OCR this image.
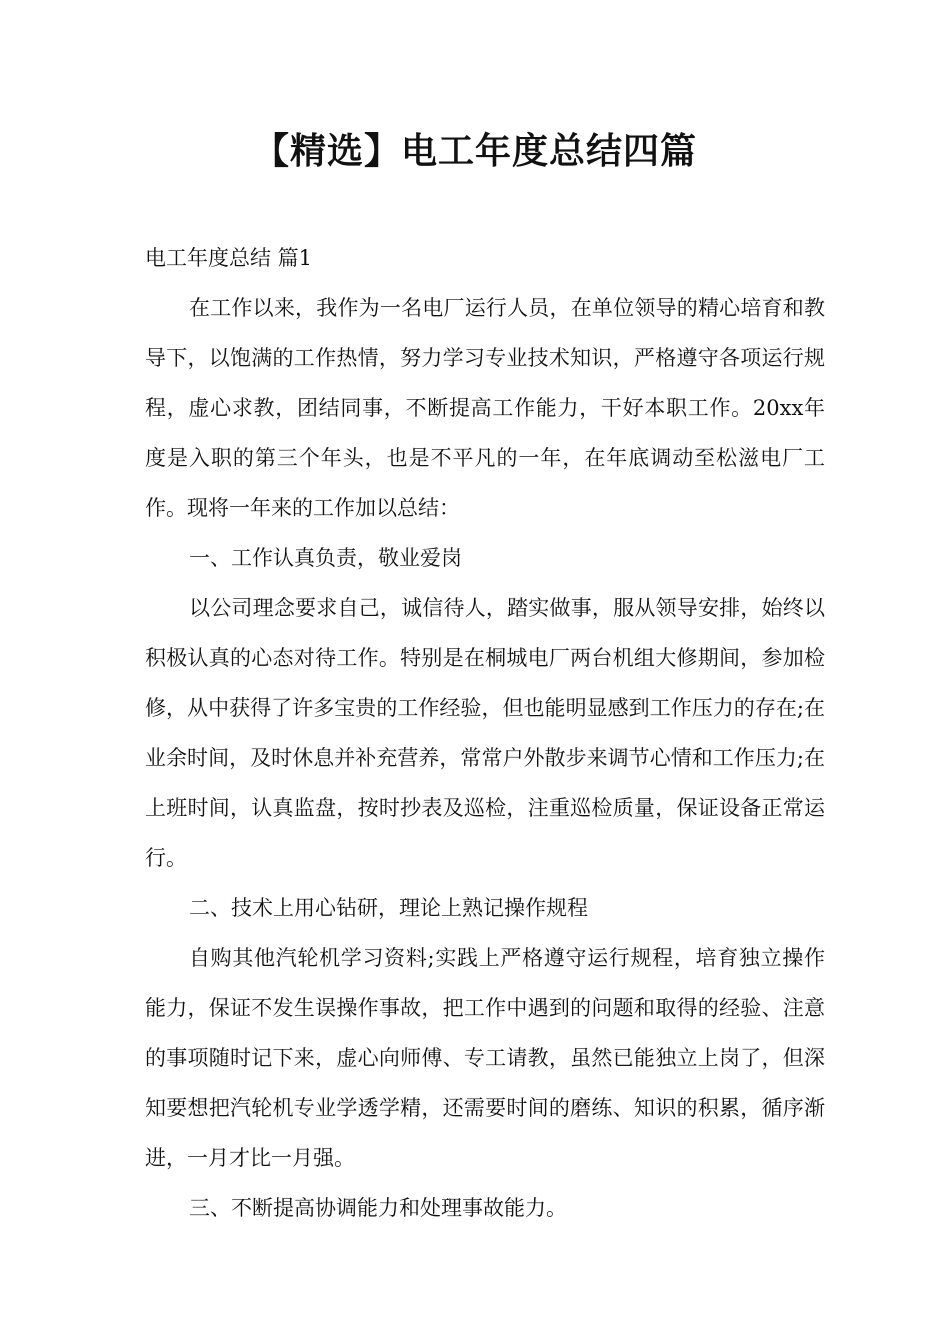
【精选】电工年度总结四篇

电工年度总结 篇1

在工作以来，我作为一名电厂运行人员，在单位领导的精心培育和教导下，以饱满的工作热情，努力学习专业技术知识，严格遵守各项运行规程，虚心求教，团结同事，不断提高工作能力，干好本职工作。20xx年度是入职的第三个年头，也是不平凡的一年，在年底调动至松滋电厂工作。现将一年来的工作加以总结：

一、工作认真负责，敬业爱岗

以公司理念要求自己，诚信待人，踏实做事，服从领导安排，始终以积极认真的心态对待工作。特别是在桐城电厂两台机组大修期间，参加检修，从中获得了许多宝贵的工作经验，但也能明显感到工作压力的存在;在业余时间，及时休息并补充营养，常常户外散步来调节心情和工作压力;在上班时间，认真监盘，按时抄表及巡检，注重巡检质量，保证设备正常运行。

二、技术上用心钻研，理论上熟记操作规程

自购其他汽轮机学习资料;实践上严格遵守运行规程，培育独立操作能力，保证不发生误操作事故，把工作中遇到的问题和取得的经验、注意的事项随时记下来，虚心向师傅、专工请教，虽然已能独立上岗了，但深知要想把汽轮机专业学透学精，还需要时间的磨练、知识的积累，循序渐进，一月才比一月强。

三、不断提高协调能力和处理事故能力。
